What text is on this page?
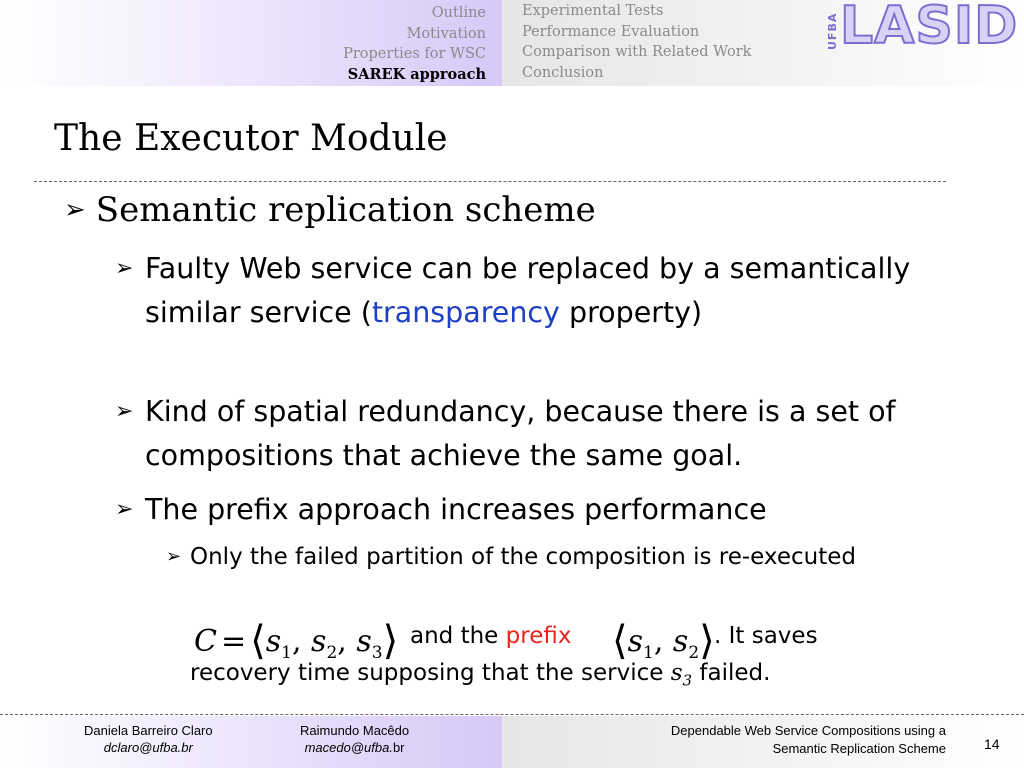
Outline
Motivation
Properties for WSC
SAREK approach
Experimental Tests
Performance Evaluation
Comparison with Related Work
Conclusion
UFBA LASID
The Executor Module
➢ Semantic replication scheme
➢ Faulty Web service can be replaced by a semantically similar service (transparency property)
➢ Kind of spatial redundancy, because there is a set of compositions that achieve the same goal.
➢ The prefix approach increases performance
➢ Only the failed partition of the composition is re-executed
$C = ⟨s_1$, $s_2$, $s_3⟩$ and the prefix $⟨s_1$, $s_2⟩$ . It saves
recovery time supposing that the service $s_3$ failed.
Daniela Barreiro Claro
dclaro@ufba.br
Raimundo Macêdo
macedo@ufba.br
Dependable Web Service Compositions using a
Semantic Replication Scheme	14
